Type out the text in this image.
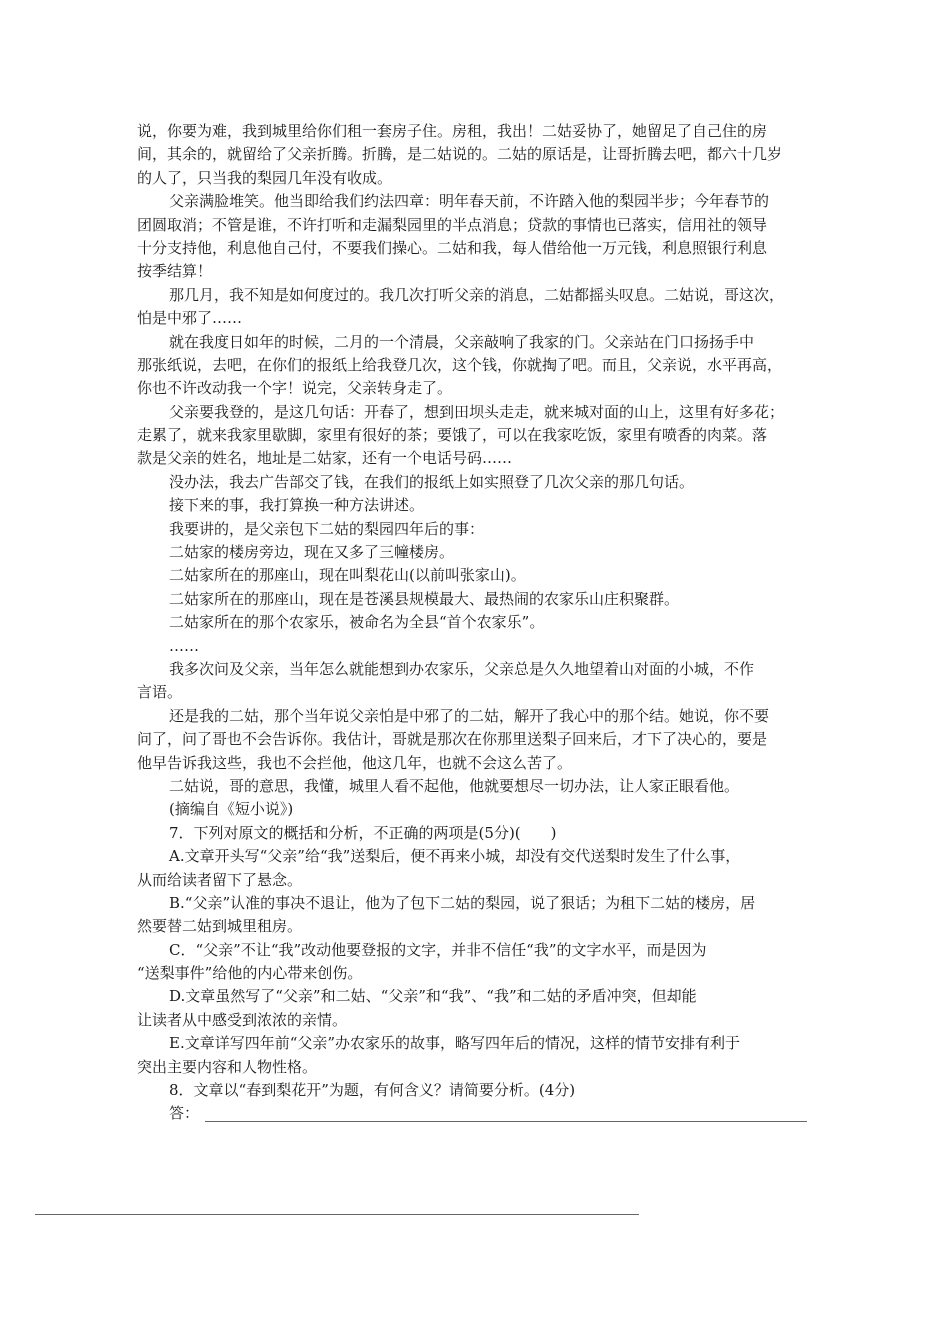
说，你要为难，我到城里给你们租一套房子住。房租，我出！二姑妥协了，她留足了自己住的房
间，其余的，就留给了父亲折腾。折腾，是二姑说的。二姑的原话是，让哥折腾去吧，都六十几岁
的人了，只当我的梨园几年没有收成。
父亲满脸堆笑。他当即给我们约法四章：明年春天前，不许踏入他的梨园半步；今年春节的
团圆取消；不管是谁，不许打听和走漏梨园里的半点消息；贷款的事情也已落实，信用社的领导
十分支持他，利息他自己付，不要我们操心。二姑和我，每人借给他一万元钱，利息照银行利息
按季结算！
那几月，我不知是如何度过的。我几次打听父亲的消息，二姑都摇头叹息。二姑说，哥这次，
怕是中邪了……
就在我度日如年的时候，二月的一个清晨，父亲敲响了我家的门。父亲站在门口扬扬手中
那张纸说，去吧，在你们的报纸上给我登几次，这个钱，你就掏了吧。而且，父亲说，水平再高，
你也不许改动我一个字！说完，父亲转身走了。
父亲要我登的，是这几句话：开春了，想到田坝头走走，就来城对面的山上，这里有好多花；
走累了，就来我家里歇脚，家里有很好的茶；要饿了，可以在我家吃饭，家里有喷香的肉菜。落
款是父亲的姓名，地址是二姑家，还有一个电话号码……
没办法，我去广告部交了钱，在我们的报纸上如实照登了几次父亲的那几句话。
接下来的事，我打算换一种方法讲述。
我要讲的，是父亲包下二姑的梨园四年后的事：
二姑家的楼房旁边，现在又多了三幢楼房。
二姑家所在的那座山，现在叫梨花山(以前叫张家山)。
二姑家所在的那座山，现在是苍溪县规模最大、最热闹的农家乐山庄积聚群。
二姑家所在的那个农家乐，被命名为全县“首个农家乐”。
……
我多次问及父亲，当年怎么就能想到办农家乐，父亲总是久久地望着山对面的小城，不作
言语。
还是我的二姑，那个当年说父亲怕是中邪了的二姑，解开了我心中的那个结。她说，你不要
问了，问了哥也不会告诉你。我估计，哥就是那次在你那里送梨子回来后，才下了决心的，要是
他早告诉我这些，我也不会拦他，他这几年，也就不会这么苦了。
二姑说，哥的意思，我懂，城里人看不起他，他就要想尽一切办法，让人家正眼看他。
(摘编自《短小说》)
7．下列对原文的概括和分析，不正确的两项是(5分)(　　)
A.文章开头写“父亲”给“我”送梨后，便不再来小城，却没有交代送梨时发生了什么事，
从而给读者留下了悬念。
B.“父亲”认准的事决不退让，他为了包下二姑的梨园，说了狠话；为租下二姑的楼房，居
然要替二姑到城里租房。
C．“父亲”不让“我”改动他要登报的文字，并非不信任“我”的文字水平，而是因为
“送梨事件”给他的内心带来创伤。
D.文章虽然写了“父亲”和二姑、“父亲”和“我”、“我”和二姑的矛盾冲突，但却能
让读者从中感受到浓浓的亲情。
E.文章详写四年前“父亲”办农家乐的故事，略写四年后的情况，这样的情节安排有利于
突出主要内容和人物性格。
8．文章以“春到梨花开”为题，有何含义？请简要分析。(4分)
答：
